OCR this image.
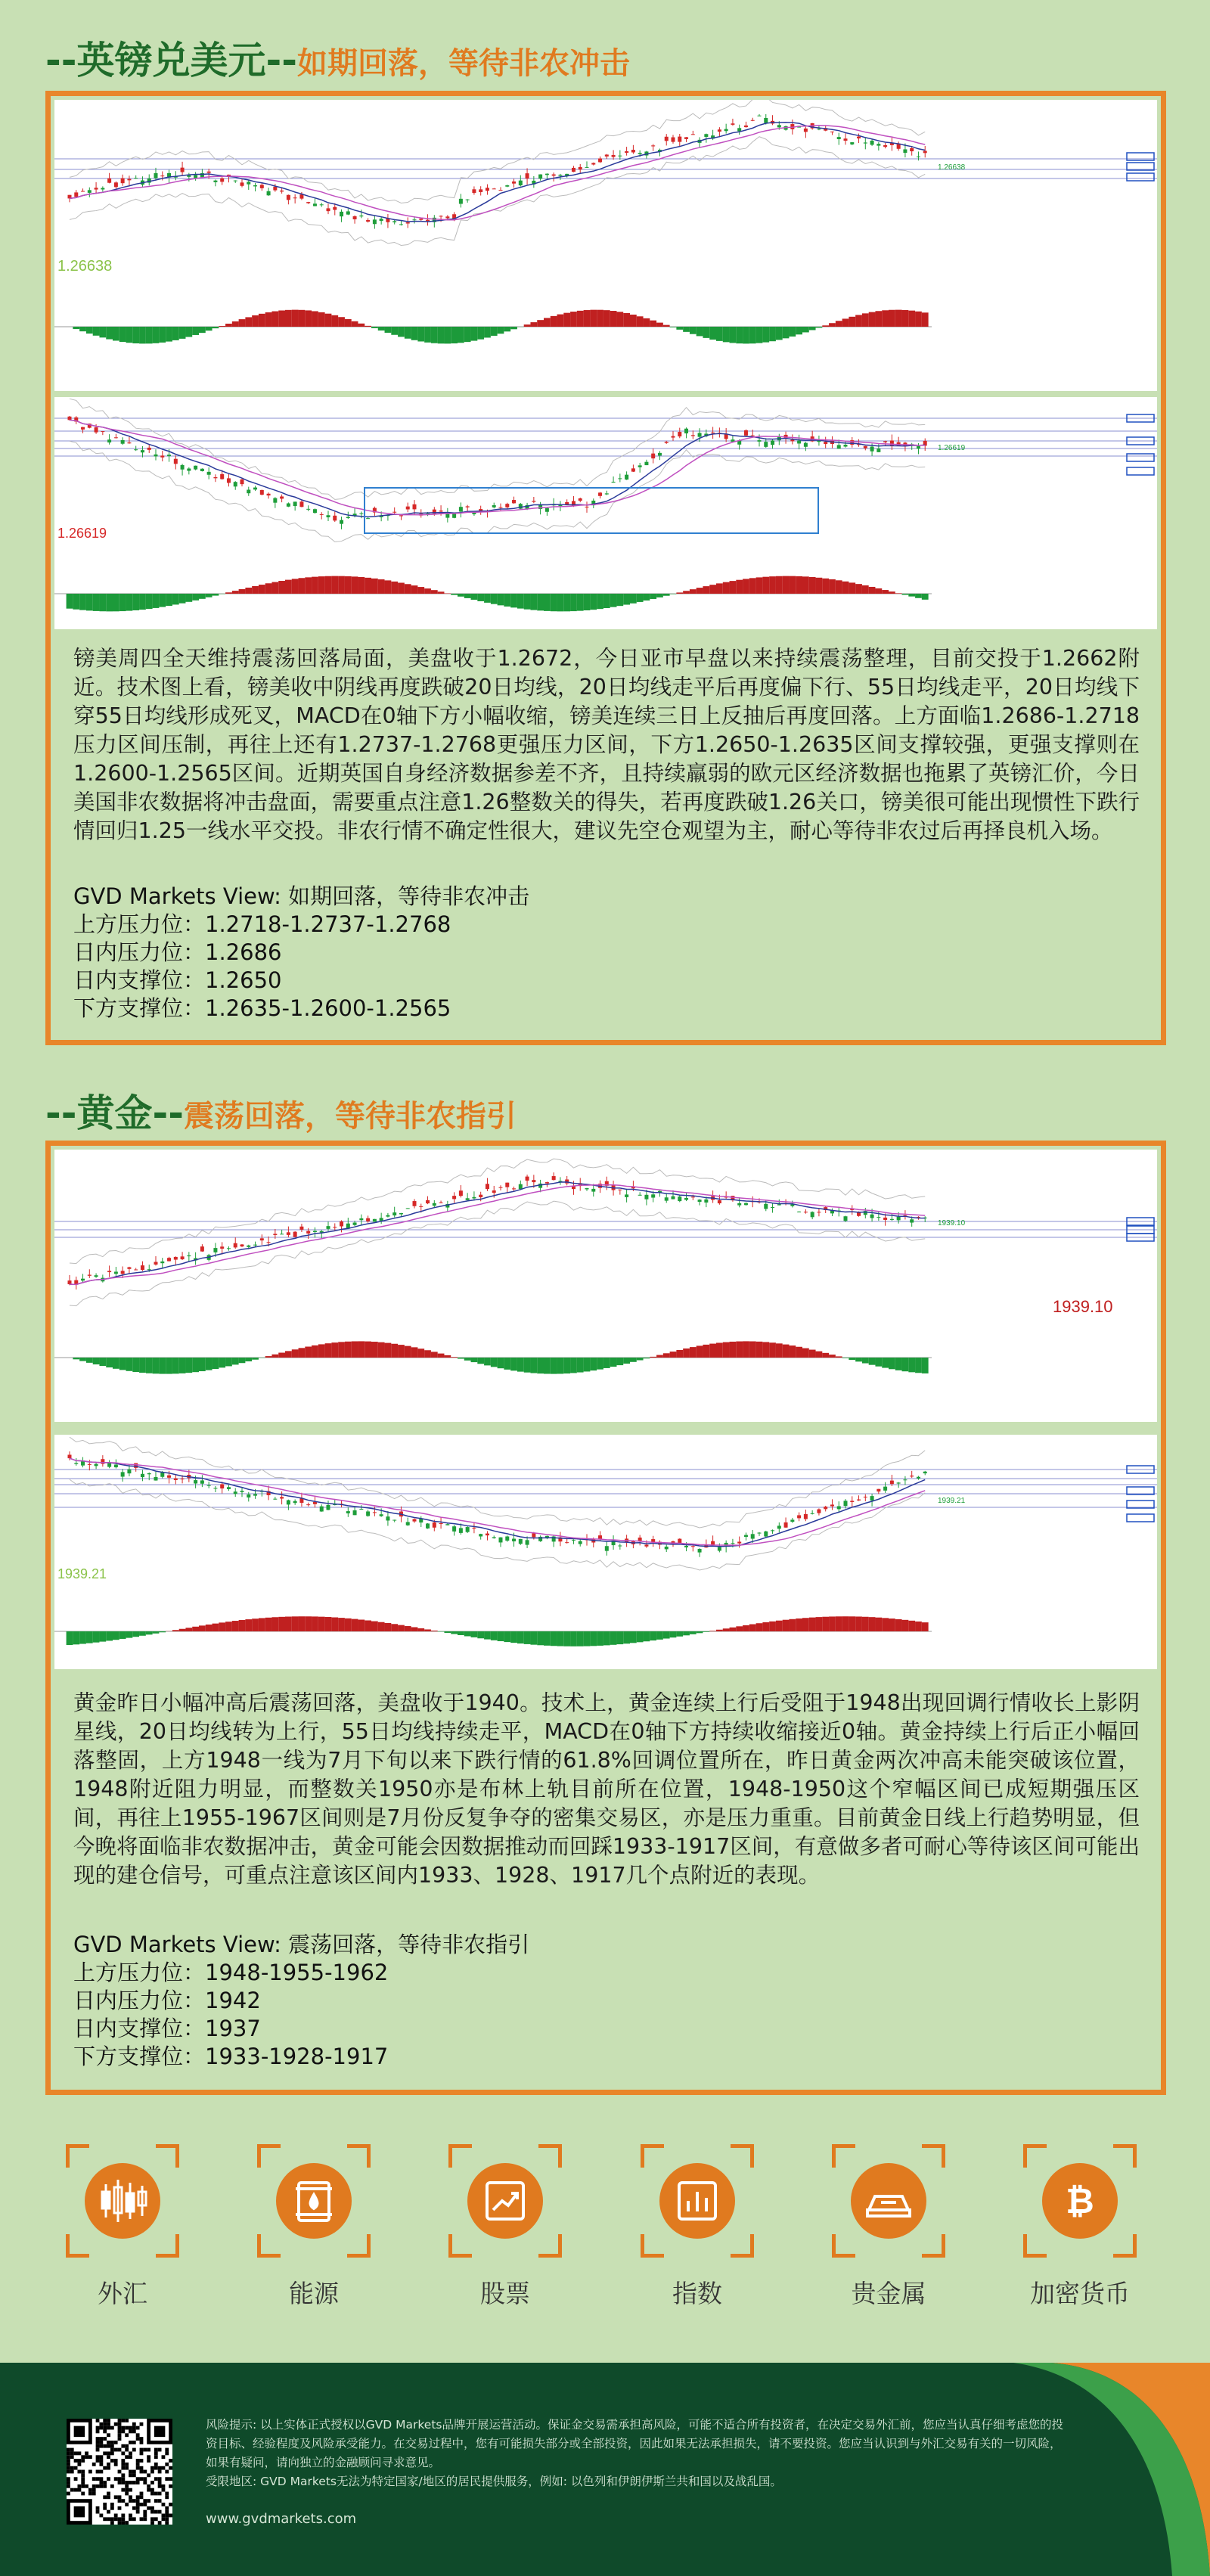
--英镑兑美元--如期回落，等待非农冲击
1.26638
1.26638
1.26619
1.26619
镑美周四全天维持震荡回落局面，美盘收于1.2672，今日亚市早盘以来持续震荡整理，目前交投于1.2662附近。技术图上看，镑美收中阴线再度跌破20日均线，20日均线走平后再度偏下行、55日均线走平，20日均线下穿55日均线形成死叉，MACD在0轴下方小幅收缩，镑美连续三日上反抽后再度回落。上方面临1.2686-1.2718压力区间压制，再往上还有1.2737-1.2768更强压力区间，下方1.2650-1.2635区间支撑较强，更强支撑则在1.2600-1.2565区间。近期英国自身经济数据参差不齐，且持续羸弱的欧元区经济数据也拖累了英镑汇价，今日美国非农数据将冲击盘面，需要重点注意1.26整数关的得失，若再度跌破1.26关口，镑美很可能出现惯性下跌行情回归1.25一线水平交投。非农行情不确定性很大，建议先空仓观望为主，耐心等待非农过后再择良机入场。
GVD Markets View: 如期回落，等待非农冲击
上方压力位：1.2718-1.2737-1.2768
日内压力位：1.2686
日内支撑位：1.2650
下方支撑位：1.2635-1.2600-1.2565
--黄金--震荡回落，等待非农指引
1939.10
1939.10
1939.21
1939.21
黄金昨日小幅冲高后震荡回落，美盘收于1940。技术上，黄金连续上行后受阻于1948出现回调行情收长上影阴星线，20日均线转为上行，55日均线持续走平，MACD在0轴下方持续收缩接近0轴。黄金持续上行后正小幅回落整固，上方1948一线为7月下旬以来下跌行情的61.8%回调位置所在，昨日黄金两次冲高未能突破该位置，1948附近阻力明显，而整数关1950亦是布林上轨目前所在位置，1948-1950这个窄幅区间已成短期强压区间，再往上1955-1967区间则是7月份反复争夺的密集交易区，亦是压力重重。目前黄金日线上行趋势明显，但今晚将面临非农数据冲击，黄金可能会因数据推动而回踩1933-1917区间，有意做多者可耐心等待该区间可能出现的建仓信号，可重点注意该区间内1933、1928、1917几个点附近的表现。
GVD Markets View: 震荡回落，等待非农指引
上方压力位：1948-1955-1962
日内压力位：1942
日内支撑位：1937
下方支撑位：1933-1928-1917
外汇	能源	股票	指数	贵金属
₿
加密货币
风险提示: 以上实体正式授权以GVD Markets品牌开展运营活动。保证金交易需承担高风险，可能不适合所有投资者，在决定交易外汇前，您应当认真仔细考虑您的投资目标、经验程度及风险承受能力。在交易过程中，您有可能损失部分或全部投资，因此如果无法承担损失，请不要投资。您应当认识到与外汇交易有关的一切风险，如果有疑问，请向独立的金融顾问寻求意见。
受限地区: GVD Markets无法为特定国家/地区的居民提供服务，例如: 以色列和伊朗伊斯兰共和国以及战乱国。
www.gvdmarkets.com
